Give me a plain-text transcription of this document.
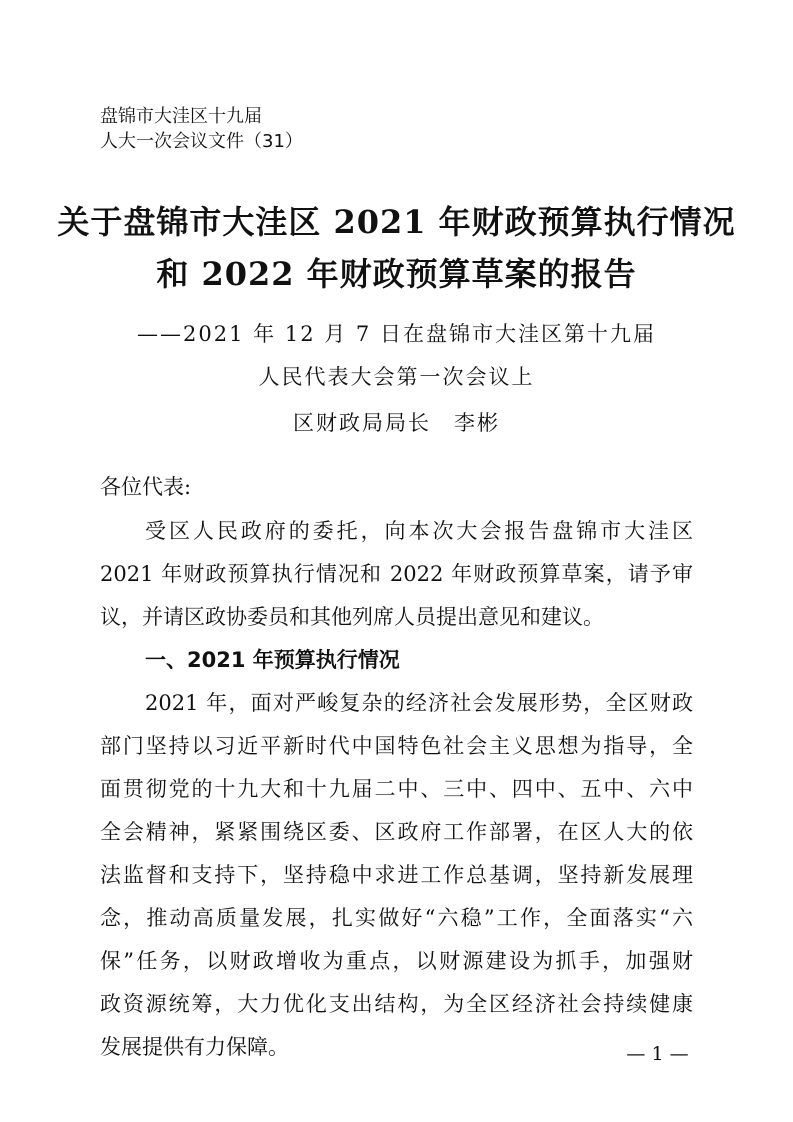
盘锦市大洼区十九届
人大一次会议文件（31）
关于盘锦市大洼区 2021 年财政预算执行情况
和 2022 年财政预算草案的报告
——2021 年 12 月 7 日在盘锦市大洼区第十九届
人民代表大会第一次会议上
区财政局局长　李彬
各位代表:
受区人民政府的委托，向本次大会报告盘锦市大洼区
2021 年财政预算执行情况和 2022 年财政预算草案，请予审
议，并请区政协委员和其他列席人员提出意见和建议。
一、2021 年预算执行情况
2021 年，面对严峻复杂的经济社会发展形势，全区财政
部门坚持以习近平新时代中国特色社会主义思想为指导，全
面贯彻党的十九大和十九届二中、三中、四中、五中、六中
全会精神，紧紧围绕区委、区政府工作部署，在区人大的依
法监督和支持下，坚持稳中求进工作总基调，坚持新发展理
念，推动高质量发展，扎实做好“六稳”工作，全面落实“六
保”任务，以财政增收为重点，以财源建设为抓手，加强财
政资源统筹，大力优化支出结构，为全区经济社会持续健康
发展提供有力保障。	— 1 —
